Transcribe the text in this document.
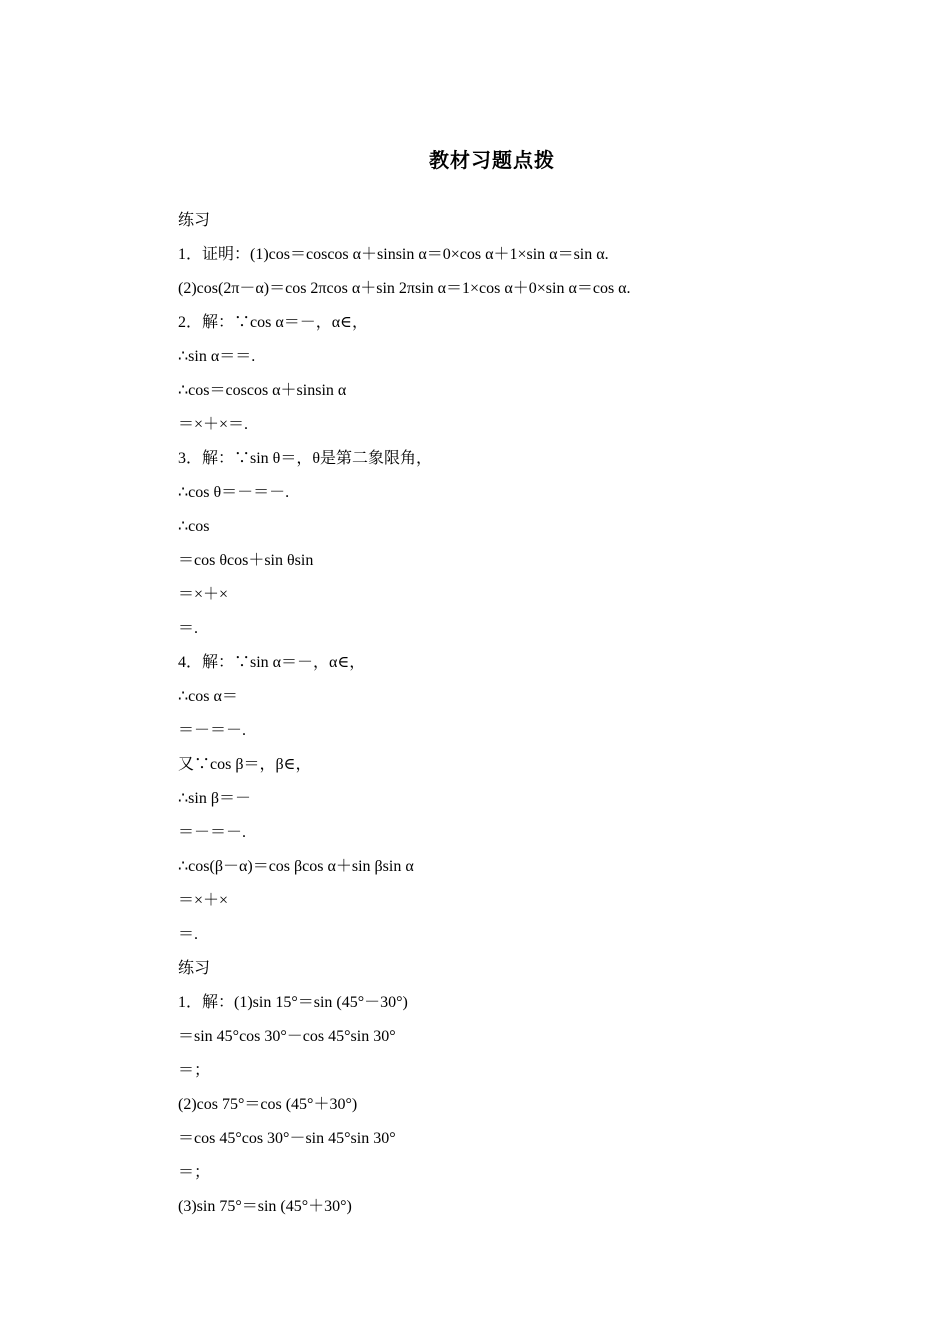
教材习题点拨
练习
1．证明：(1)cos＝coscos α＋sinsin α＝0×cos α＋1×sin α＝sin α.
(2)cos(2π－α)＝cos 2πcos α＋sin 2πsin α＝1×cos α＋0×sin α＝cos α.
2．解：∵cos α＝－，α∈，
∴sin α＝＝.
∴cos＝coscos α＋sinsin α
＝×＋×＝.
3．解：∵sin θ＝，θ是第二象限角，
∴cos θ＝－＝－.
∴cos
＝cos θcos＋sin θsin
＝×＋×
＝.
4．解：∵sin α＝－，α∈，
∴cos α＝
＝－＝－.
又∵cos β＝，β∈，
∴sin β＝－
＝－＝－.
∴cos(β－α)＝cos βcos α＋sin βsin α
＝×＋×
＝.
练习
1．解：(1)sin 15°＝sin (45°－30°)
＝sin 45°cos 30°－cos 45°sin 30°
＝；
(2)cos 75°＝cos (45°＋30°)
＝cos 45°cos 30°－sin 45°sin 30°
＝；
(3)sin 75°＝sin (45°＋30°)
